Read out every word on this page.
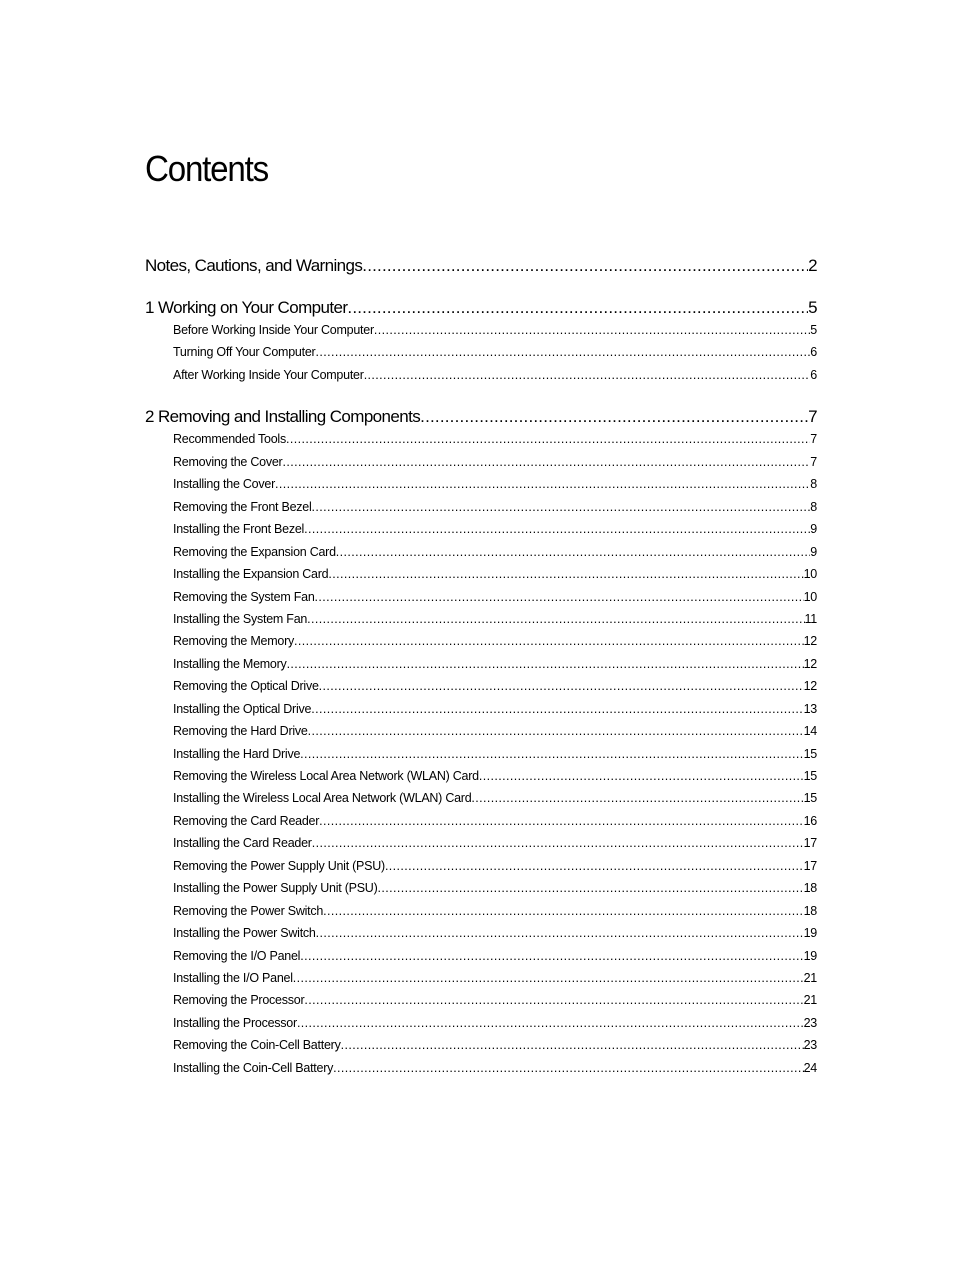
Contents
Notes, Cautions, and Warnings .....	2
1 Working on Your Computer .....	5
Before Working Inside Your Computer .....	5
Turning Off Your Computer .....	6
After Working Inside Your Computer .....	6
2 Removing and Installing Components .....	7
Recommended Tools .....	7
Removing the Cover .....	7
Installing the Cover .....	8
Removing the Front Bezel .....	8
Installing the Front Bezel .....	9
Removing the Expansion Card .....	9
Installing the Expansion Card .....	10
Removing the System Fan .....	10
Installing the System Fan .....	11
Removing the Memory .....	12
Installing the Memory .....	12
Removing the Optical Drive .....	12
Installing the Optical Drive .....	13
Removing the Hard Drive .....	14
Installing the Hard Drive .....	15
Removing the Wireless Local Area Network (WLAN) Card .....	15
Installing the Wireless Local Area Network (WLAN) Card .....	15
Removing the Card Reader .....	16
Installing the Card Reader .....	17
Removing the Power Supply Unit (PSU) .....	17
Installing the Power Supply Unit (PSU) .....	18
Removing the Power Switch .....	18
Installing the Power Switch .....	19
Removing the I/O Panel .....	19
Installing the I/O Panel .....	21
Removing the Processor .....	21
Installing the Processor .....	23
Removing the Coin-Cell Battery .....	23
Installing the Coin-Cell Battery .....	24
